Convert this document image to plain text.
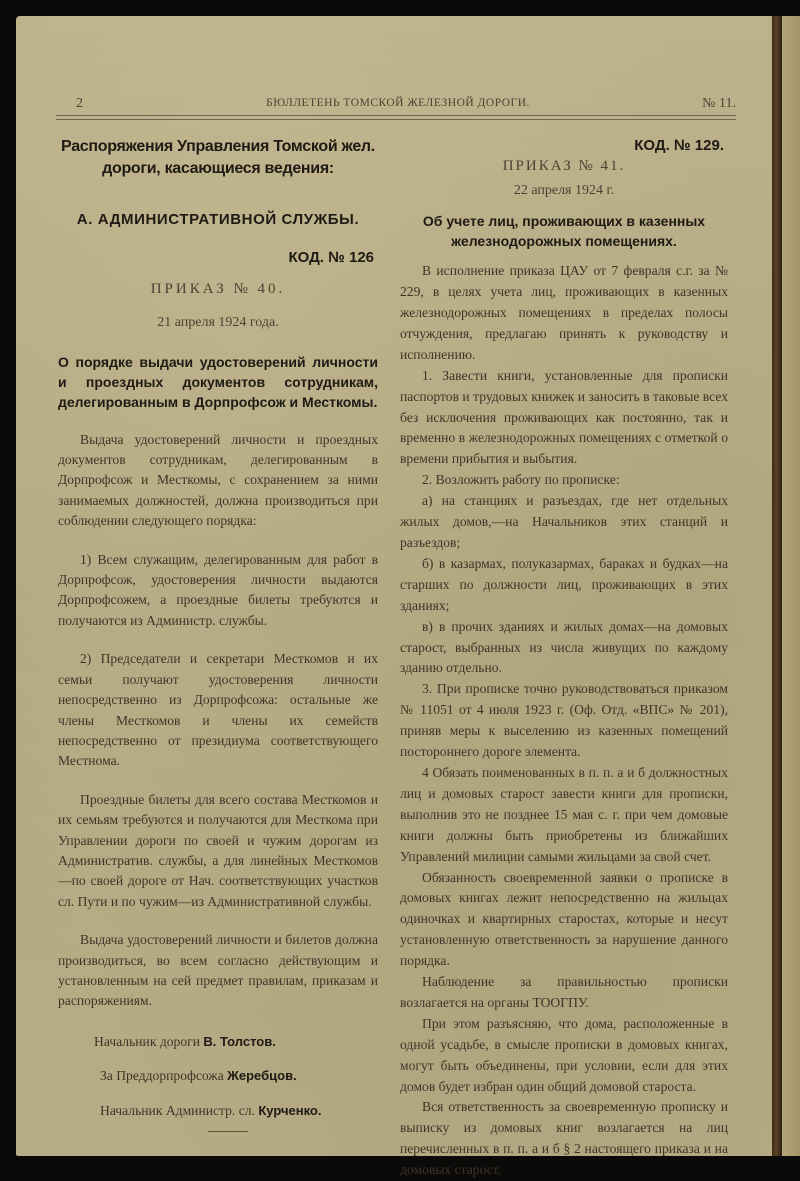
2	БЮЛЛЕТЕНЬ ТОМСКОЙ ЖЕЛЕЗНОЙ ДОРОГИ.	№ 11.
Распоряжения Управления Томской жел. дороги, касающиеся ведения:
А. АДМИНИСТРАТИВНОЙ СЛУЖБЫ.
КОД. № 126
ПРИКАЗ № 40.
21 апреля 1924 года.
О порядке выдачи удостоверений личности и проездных документов сотрудникам, делегированным в Дорпрофсож и Месткомы.

Выдача удостоверений личности и проездных документов сотрудникам, делегированным в Дорпрофсож и Месткомы, с сохранением за ними занимаемых должностей, должна производиться при соблюдении следующего порядка:

1) Всем служащим, делегированным для работ в Дорпрофсож, удостоверения личности выдаются Дорпрофсожем, а проездные билеты требуются и получаются из Администр. службы.

2) Председатели и секретари Месткомов и их семьи получают удостоверения личности непосредственно из Дорпрофсожа: остальные же члены Месткомов и члены их семейств непосредственно от президиума соответствующего Местнома.

Проездные билеты для всего состава Месткомов и их семьям требуются и получаются для Месткома при Управлении дороги по своей и чужим дорогам из Административ. службы, а для линейных Месткомов—по своей дороге от Нач. соответствующих участков сл. Пути и по чужим—из Административной службы.

Выдача удостоверений личности и билетов должна производиться, во всем согласно действующим и установленным на сей предмет правилам, приказам и распоряжениям.

Начальник дороги В. Толстов.
За Преддорпрофсожа Жеребцов.
Начальник Администр. сл. Курченко.
КОД. № 129.
ПРИКАЗ № 41.
22 апреля 1924 г.
Об учете лиц, проживающих в казенных железнодорожных помещениях.

В исполнение приказа ЦАУ от 7 февраля с.г. за № 229, в целях учета лиц, проживающих в казенных железнодорожных помещениях в пределах полосы отчуждения, предлагаю принять к руководству и исполнению.

1. Завести книги, установленные для прописки паспортов и трудовых книжек и заносить в таковые всех без исключения проживающих как постоянно, так и временно в железнодорожных помещениях с отметкой о времени прибытия и выбытия.

2. Возложить работу по прописке:

а) на станциях и разъездах, где нет отдельных жилых домов,—на Начальников этих станций и разъездов;

б) в казармах, полуказармах, бараках и будках—на старших по должности лиц, проживающих в этих зданиях;

в) в прочих зданиях и жилых домах—на домовых старост, выбранных из числа живущих по каждому зданию отдельно.

3. При прописке точно руководствоваться приказом № 11051 от 4 июля 1923 г. (Оф. Отд. «ВПС» № 201), приняв меры к выселению из казенных помещений постороннего дороге элемента.

4 Обязать поименованных в п. п. а и б должностных лиц и домовых старост завести книги для прописки, выполнив это не позднее 15 мая с. г. при чем домовые книги должны быть приобретены из ближайших Управлений милиции самыми жильцами за свой счет.

Обязанность своевременной заявки о прописке в домовых книгах лежит непосредственно на жильцах одиночках и квартирных старостах, которые и несут установленную ответственность за нарушение данного порядка.

Наблюдение за правильностью прописки возлагается на органы ТООГПУ.

При этом разъясняю, что дома, расположенные в одной усадьбе, в смысле прописки в домовых книгах, могут быть объединены, при условии, если для этих домов будет избран один общий домовой староста.

Вся ответственность за своевременную прописку и выписку из домовых книг возлагается на лиц перечисленных в п. п. а и б § 2 настоящего приказа и на домовых старост.
